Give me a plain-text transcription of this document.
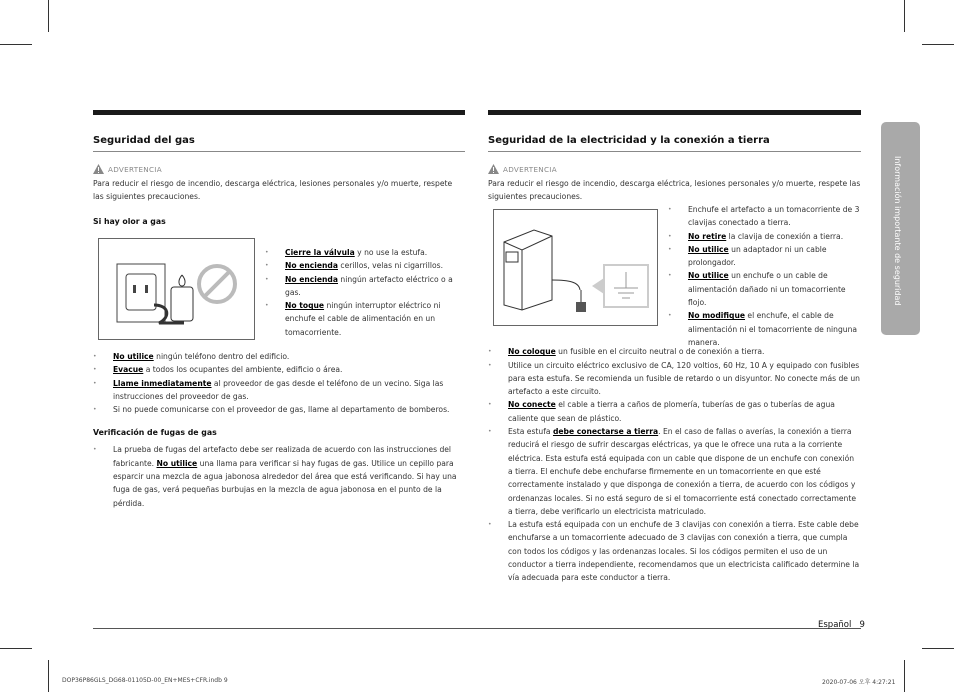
Seguridad del gas
ADVERTENCIA
Para reducir el riesgo de incendio, descarga eléctrica, lesiones personales y/o muerte, respete las siguientes precauciones.
Si hay olor a gas
• Cierre la válvula y no use la estufa.
• No encienda cerillos, velas ni cigarrillos.
• No encienda ningún artefacto eléctrico o a gas.
• No toque ningún interruptor eléctrico ni enchufe el cable de alimentación en un tomacorriente.
• No utilice ningún teléfono dentro del edificio.
• Evacue a todos los ocupantes del ambiente, edificio o área.
• Llame inmediatamente al proveedor de gas desde el teléfono de un vecino. Siga las instrucciones del proveedor de gas.
• Si no puede comunicarse con el proveedor de gas, llame al departamento de bomberos.
Verificación de fugas de gas
• La prueba de fugas del artefacto debe ser realizada de acuerdo con las instrucciones del fabricante. No utilice una llama para verificar si hay fugas de gas. Utilice un cepillo para esparcir una mezcla de agua jabonosa alrededor del área que está verificando. Si hay una fuga de gas, verá pequeñas burbujas en la mezcla de agua jabonosa en el punto de la pérdida.
Seguridad de la electricidad y la conexión a tierra
ADVERTENCIA
Para reducir el riesgo de incendio, descarga eléctrica, lesiones personales y/o muerte, respete las siguientes precauciones.
• Enchufe el artefacto a un tomacorriente de 3 clavijas conectado a tierra.
• No retire la clavija de conexión a tierra.
• No utilice un adaptador ni un cable prolongador.
• No utilice un enchufe o un cable de alimentación dañado ni un tomacorriente flojo.
• No modifique el enchufe, el cable de alimentación ni el tomacorriente de ninguna manera.
• No coloque un fusible en el circuito neutral o de conexión a tierra.
• Utilice un circuito eléctrico exclusivo de CA, 120 voltios, 60 Hz, 10 A y equipado con fusibles para esta estufa. Se recomienda un fusible de retardo o un disyuntor. No conecte más de un artefacto a este circuito.
• No conecte el cable a tierra a caños de plomería, tuberías de gas o tuberías de agua caliente que sean de plástico.
• Esta estufa debe conectarse a tierra. En el caso de fallas o averías, la conexión a tierra reducirá el riesgo de sufrir descargas eléctricas, ya que le ofrece una ruta a la corriente eléctrica. Esta estufa está equipada con un cable que dispone de un enchufe con conexión a tierra. El enchufe debe enchufarse firmemente en un tomacorriente en que esté correctamente instalado y que disponga de conexión a tierra, de acuerdo con los códigos y ordenanzas locales. Si no está seguro de si el tomacorriente está conectado correctamente a tierra, debe verificarlo un electricista matriculado.
• La estufa está equipada con un enchufe de 3 clavijas con conexión a tierra. Este cable debe enchufarse a un tomacorriente adecuado de 3 clavijas con conexión a tierra, que cumpla con todos los códigos y las ordenanzas locales. Si los códigos permiten el uso de un conductor a tierra independiente, recomendamos que un electricista calificado determine la vía adecuada para este conductor a tierra.
Información importante de seguridad
Español 9
DOP36P86GLS_DG68-01105D-00_EN+MES+CFR.indb 9	2020-07-06 오후 4:27:21
